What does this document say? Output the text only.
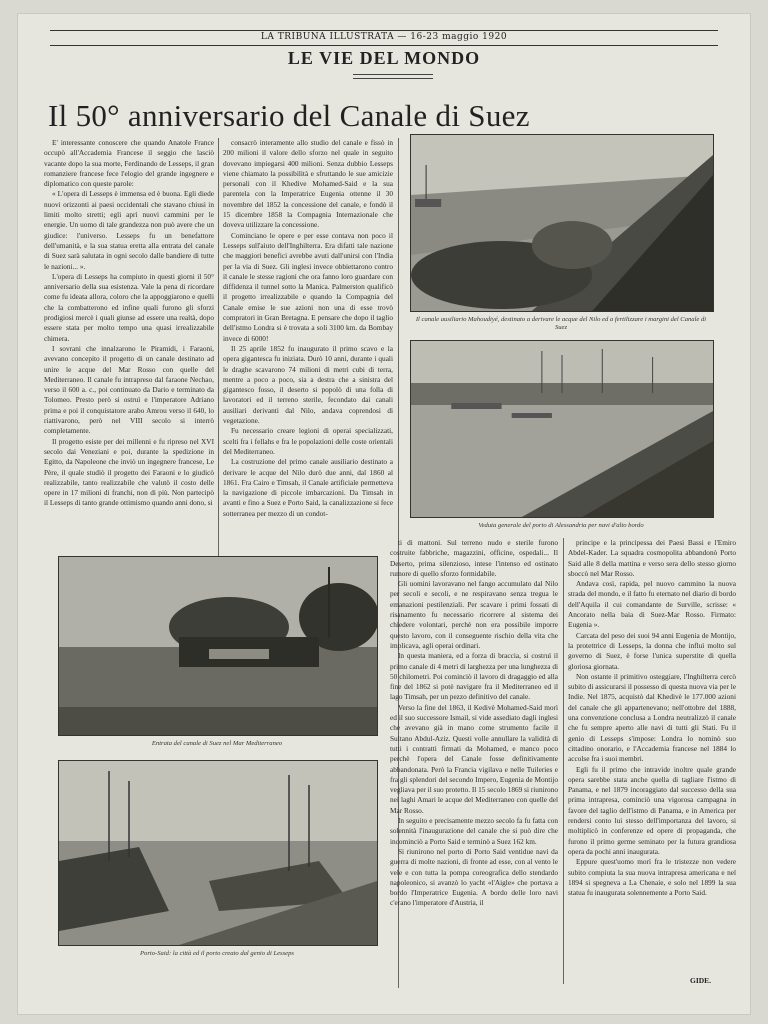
LA TRIBUNA ILLUSTRATA — 16-23 maggio 1920
LE VIE DEL MONDO
Il 50° anniversario del Canale di Suez

E' interessante conoscere che quando Anatole France occupò all'Accademia Francese il seggio che lasciò vacante dopo la sua morte, Ferdinando de Lesseps, il gran romanziere francese fece l'elogio del grande ingegnere e diplomatico con queste parole:

« L'opera di Lesseps è immensa ed è buona. Egli diede nuovi orizzonti ai paesi occidentali che stavano chiusi in limiti molto stretti; egli aprì nuovi cammini per le energie. Un uomo di tale grandezza non può avere che un giudice: l'universo. Lesseps fu un benefattore dell'umanità, e la sua statua eretta alla entrata del canale di Suez sarà salutata in ogni secolo dalle bandiere di tutte le nazioni... ».

L'opera di Lesseps ha compiuto in questi giorni il 50° anniversario della sua esistenza. Vale la pena di ricordare come fu ideata allora, coloro che la appoggiarono e quelli che la combatterono ed infine quali furono gli sforzi prodigiosi mercè i quali giunse ad essere una realtà, dopo essere stata per molto tempo una quasi irrealizzabile chimera.

I sovrani che innalzarono le Piramidi, i Faraoni, avevano concepito il progetto di un canale destinato ad unire le acque del Mar Rosso con quelle del Mediterraneo. Il canale fu intrapreso dal faraone Nechao, verso il 600 a. c., poi continuato da Dario e terminato da Tolomeo. Presto però si ostruì e l'imperatore Adriano prima e poi il conquistatore arabo Amrou verso il 640, lo riattivarono, però nel VIII secolo si interrò completamente.

Il progetto esiste per dei millenni e fu ripreso nel XVI secolo dai Veneziani e poi, durante la spedizione in Egitto, da Napoleone che inviò un ingegnere francese, Le Père, il quale studiò il progetto dei Faraoni e lo giudicò realizzabile, tanto realizzabile che valutò il costo delle opere in 17 milioni di franchi, non di più. Non partecipò il Lesseps di tanto grande ottimismo quando anni dono, si

consacrò interamente allo studio del canale e fissò in 200 milioni il valore dello sforzo nel quale in seguito dovevano impiegarsi 400 milioni. Senza dubbio Lesseps viene chiamato la possibilità e sfruttando le sue amicizie personali con il Khedive Mohamed-Said e la sua parentela con la Imperatrice Eugenia ottenne il 30 novembre del 1852 la concessione del canale, e fondò il 15 dicembre 1858 la Compagnia Internazionale che doveva utilizzare la concessione.

Cominciano le opere e per esse contava non poco il Lesseps sull'aiuto dell'Inghilterra. Era difatti tale nazione che maggiori benefici avrebbe avuti dall'unirsi con l'India per la via di Suez. Gli inglesi invece obbiettarono contro il canale le stesse ragioni che ora fanno loro guardare con diffidenza il tunnel sotto la Manica. Palmerston qualificò il progetto irrealizzabile e quando la Compagnia del Canale emise le sue azioni non una di esse trovò compratori in Gran Bretagna. E pensare che dopo il taglio dell'istmo Londra si è trovata a soli 3100 km. da Bombay invece di 6000!

Il 25 aprile 1852 fu inaugurato il primo scavo e la opera gigantesca fu iniziata. Durò 10 anni, durante i quali le draghe scavarono 74 milioni di metri cubi di terra, mentre a poco a poco, sia a destra che a sinistra del gigantesco fosso, il deserto si popolò di una folla di lavoratori ed il terreno sterile, fecondato dai canali ausiliari derivanti dal Nilo, andava coprendosi di vegetazione.

Fu necessario creare legioni di operai specializzati, scelti fra i fellahs e fra le popolazioni delle coste orientali del Mediterraneo.

La costruzione del primo canale ausiliario destinato a derivare le acque del Nilo durò due anni, dal 1860 al 1861. Fra Cairo e Timsah, il Canale artificiale permetteva la navigazione di piccole imbarcazioni. Da Timsah in avanti e fino a Suez e Porto Said, la canalizzazione si fece sotterranea per mezzo di un condot-

Il canale ausiliario Mahoudiyé, destinato a derivare le acque del Nilo ed a fertilizzare i margini del Canale di Suez
Veduta generale del porto di Alessandria per navi d'alto bordo
Entrata del canale di Suez nel Mar Mediterraneo
Porto-Said: la città ed il porto creato dal genio di Lesseps

ti di mattoni. Sul terreno nudo e sterile furono costruite fabbriche, magazzini, officine, ospedali... Il Deserto, prima silenzioso, intese l'intenso ed ostinato rumore di quello sforzo formidabile.

Gli uomini lavoravano nel fango accumulato dal Nilo per secoli e secoli, e ne respiravano senza tregua le emanazioni pestilenziali. Per scavare i primi fossati di risanamento fu necessario ricorrere al sistema dei chiedere volontari, perchè non era possibile imporre questo lavoro, con il conseguente rischio della vita che implicava, agli operai ordinari.

In questa maniera, ed a forza di braccia, si costruì il primo canale di 4 metri di larghezza per una lunghezza di 50 chilometri. Poi cominciò il lavoro di dragaggio ed alla fine del 1862 si potè navigare fra il Mediterraneo ed il lago Timsah, per un pezzo definitivo del canale.

Verso la fine del 1863, il Kedivè Mohamed-Said morì ed il suo successore Ismail, si vide assediato dagli inglesi che avevano già in mano come strumento facile il Sultano Abdul-Aziz. Questi volle annullare la validità di tutti i contratti firmati da Mohamed, e manco poco perchè l'opera del Canale fosse definitivamente abbandonata. Però la Francia vigilava e nelle Tuileries e fra gli splendori del secondo Impero, Eugenia de Montijo vegliava per il suo protetto. Il 15 secolo 1869 si riunirono nei laghi Amari le acque del Mediterraneo con quelle del Mar Rosso.

In seguito e precisamente mezzo secolo fa fu fatta con solennità l'inaugurazione del canale che si può dire che incominciò a Porto Said e terminò a Suez 162 km.

Si riunirono nel porto di Porto Said ventidue navi da guerra di molte nazioni, di fronte ad esse, con al vento le vele e con tutta la pompa coreografica dello stendardo napoleonico, si avanzò lo yacht «l'Aigle» che portava a bordo l'Imperatrice Eugenia. A bordo delle loro navi c'erano l'imperatore d'Austria, il

principe e la principessa dei Paesi Bassi e l'Emiro Abdel-Kader. La squadra cosmopolita abbandonò Porto Said alle 8 della mattina e verso sera dello stesso giorno sboccò nel Mar Rosso.

Andava così, rapida, pel nuovo cammino la nuova strada del mondo, e il fatto fu eternato nel diario di bordo dell'Aquila il cui comandante de Surville, scrisse: « Ancorato nella baia di Suez-Mar Rosso. Firmato: Eugenia ».

Carcata del peso dei suoi 94 anni Eugenia de Montijo, la protettrice di Lesseps, la donna che influì molto sul governo di Suez, è forse l'unica superstite di quella gloriosa giornata.

Non ostante il primitivo osteggiare, l'Inghilterra cercò subito di assicurarsi il possesso di questa nuova via per le Indie. Nel 1875, acquistò dal Khedivè le 177.000 azioni del canale che gli appartenevano; nell'ottobre del 1888, una convenzione conclusa a Londra neutralizzò il canale che fu sempre aperto alle navi di tutti gli Stati. Fu il genio di Lesseps s'impose: Londra lo nominò suo cittadino onorario, e l'Accademia francese nel 1884 lo accolse fra i suoi membri.

Egli fu il primo che intravide inoltre quale grande opera sarebbe stata anche quella di tagliare l'istmo di Panama, e nel 1879 incoraggiato dal successo della sua prima intrapresa, cominciò una vigorosa campagna in favore del taglio dell'istmo di Panama, e in America per rendersi conto lui stesso dell'importanza del lavoro, si moltiplicò in conferenze ed opere di propaganda, che furono il primo germe seminato per la futura grandiosa opera da pochi anni inaugurata.

Eppure quest'uomo morì fra le tristezze non vedere subito compiuta la sua nuova intrapresa americana e nel 1894 si spegneva a La Chenaie, e solo nel 1899 la sua statua fu inaugurata solennemente a Porto Said.

GIDE.
